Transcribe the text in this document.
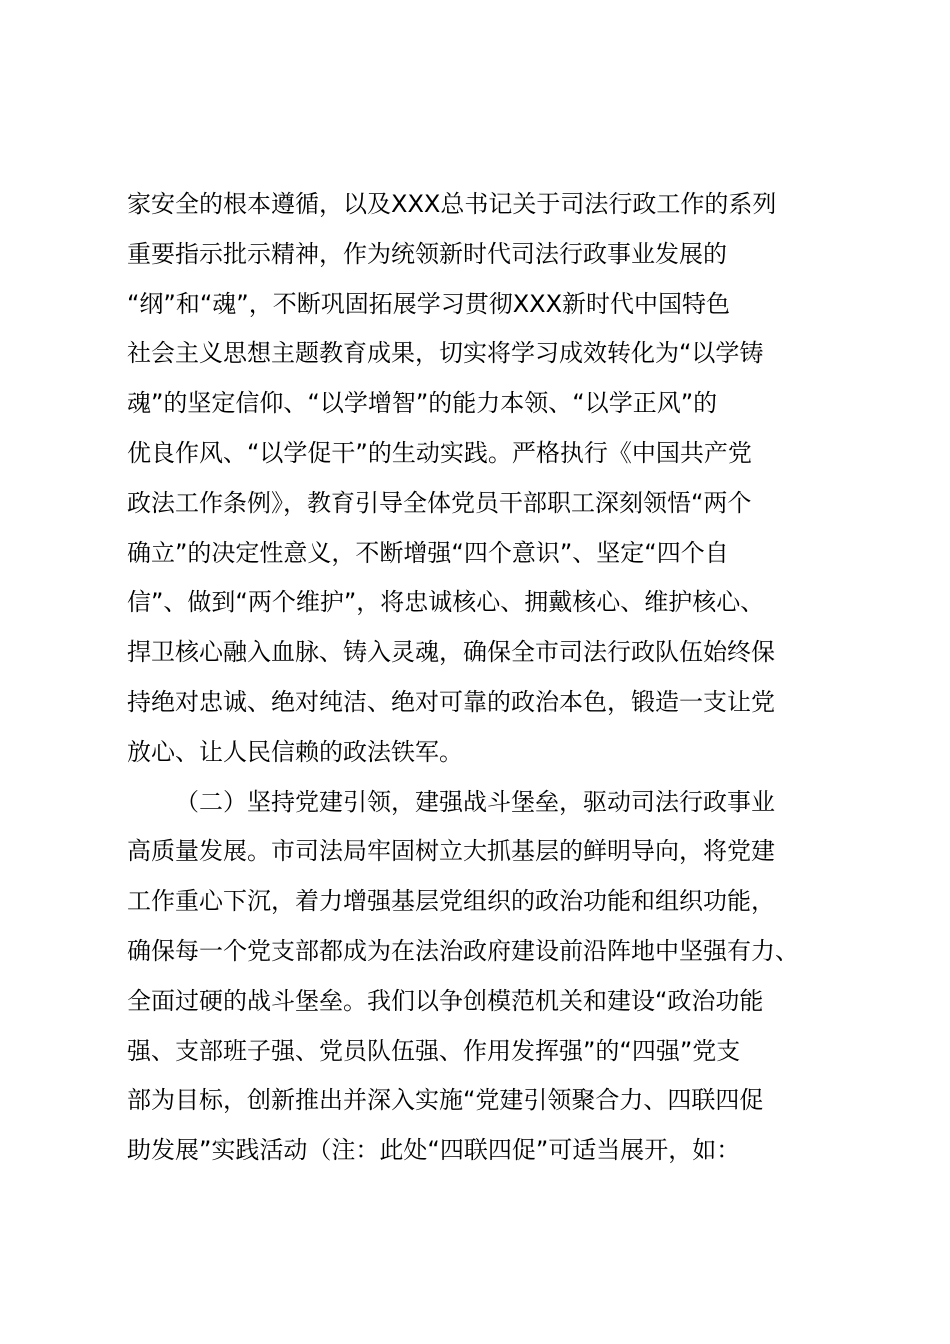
家安全的根本遵循，以及XXX总书记关于司法行政工作的系列
重要指示批示精神，作为统领新时代司法行政事业发展的
“纲”和“魂”，不断巩固拓展学习贯彻XXX新时代中国特色
社会主义思想主题教育成果，切实将学习成效转化为“以学铸
魂”的坚定信仰、“以学增智”的能力本领、“以学正风”的
优良作风、“以学促干”的生动实践。严格执行《中国共产党
政法工作条例》，教育引导全体党员干部职工深刻领悟“两个
确立”的决定性意义，不断增强“四个意识”、坚定“四个自
信”、做到“两个维护”，将忠诚核心、拥戴核心、维护核心、
捍卫核心融入血脉、铸入灵魂，确保全市司法行政队伍始终保
持绝对忠诚、绝对纯洁、绝对可靠的政治本色，锻造一支让党
放心、让人民信赖的政法铁军。
（二）坚持党建引领，建强战斗堡垒，驱动司法行政事业
高质量发展。市司法局牢固树立大抓基层的鲜明导向，将党建
工作重心下沉，着力增强基层党组织的政治功能和组织功能，
确保每一个党支部都成为在法治政府建设前沿阵地中坚强有力、
全面过硬的战斗堡垒。我们以争创模范机关和建设“政治功能
强、支部班子强、党员队伍强、作用发挥强”的“四强”党支
部为目标，创新推出并深入实施“党建引领聚合力、四联四促
助发展”实践活动（注：此处“四联四促”可适当展开，如：
